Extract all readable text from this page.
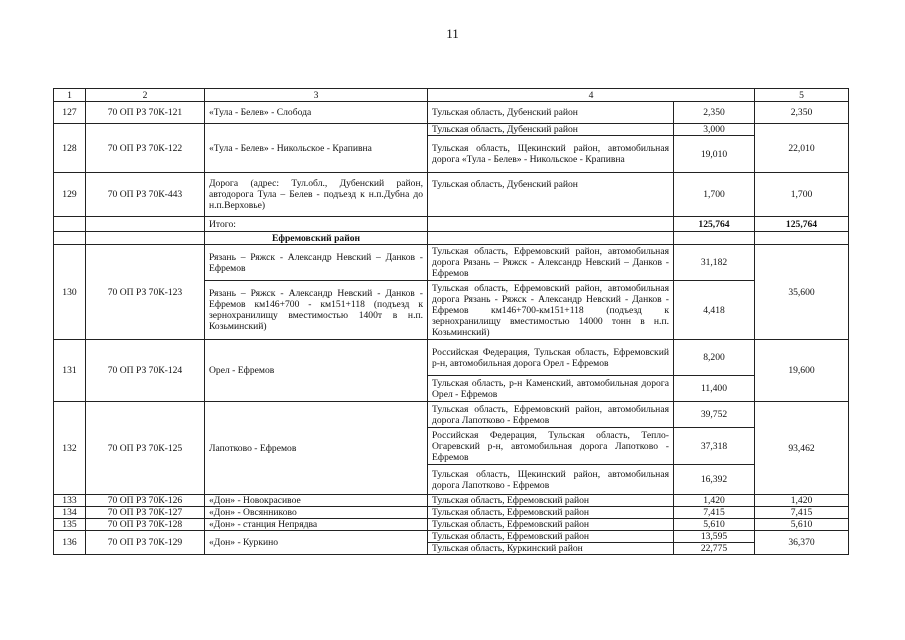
11
1	2	3	4		5
127	70 ОП РЗ 70К-121	«Тула - Белев» - Слобода	Тульская область, Дубенский район	2,350	2,350
128	70 ОП РЗ 70К-122	«Тула - Белев» - Никольское - Крапивна	Тульская область, Дубенский район	3,000	22,010
			Тульская область, Щекинский район, автомобильная дорога «Тула - Белев» - Никольское - Крапивна	19,010	
129	70 ОП РЗ 70К-443	Дорога (адрес: Тул.обл., Дубенский район, автодорога Тула – Белев - подъезд к н.п.Дубна до н.п.Верховье)	Тульская область, Дубенский район	1,700	1,700
		Итого:		125,764	125,764
		Ефремовский район			
130	70 ОП РЗ 70К-123	Рязань – Ряжск - Александр Невский – Данков - Ефремов	Тульская область, Ефремовский район, автомобильная дорога Рязань – Ряжск - Александр Невский – Данков - Ефремов	31,182	35,600
		Рязань – Ряжск - Александр Невский - Данков - Ефремов км146+700 - км151+118 (подъезд к зернохранилищу вместимостью 1400т в н.п. Козьминский)	Тульская область, Ефремовский район, автомобильная дорога Рязань - Ряжск - Александр Невский - Данков - Ефремов км146+700-км151+118 (подъезд к зернохранилищу вместимостью 14000 тонн в н.п. Козьминский)	4,418	
131	70 ОП РЗ 70К-124	Орел - Ефремов	Российская Федерация, Тульская область, Ефремовский р-н, автомобильная дорога Орел - Ефремов	8,200	19,600
			Тульская область, р-н Каменский, автомобильная дорога Орел - Ефремов	11,400	
132	70 ОП РЗ 70К-125	Лапотково - Ефремов	Тульская область, Ефремовский район, автомобильная дорога Лапотково - Ефремов	39,752	93,462
			Российская Федерация, Тульская область, Тепло-Огаревский р-н, автомобильная дорога Лапотково - Ефремов	37,318	
			Тульская область, Щекинский район, автомобильная дорога Лапотково - Ефремов	16,392	
133	70 ОП РЗ 70К-126	«Дон» - Новокрасивое	Тульская область, Ефремовский район	1,420	1,420
134	70 ОП РЗ 70К-127	«Дон» - Овсянниково	Тульская область, Ефремовский район	7,415	7,415
135	70 ОП РЗ 70К-128	«Дон» - станция Непрядва	Тульская область, Ефремовский район	5,610	5,610
136	70 ОП РЗ 70К-129	«Дон» - Куркино	Тульская область, Ефремовский район	13,595	36,370
			Тульская область, Куркинский район	22,775	
